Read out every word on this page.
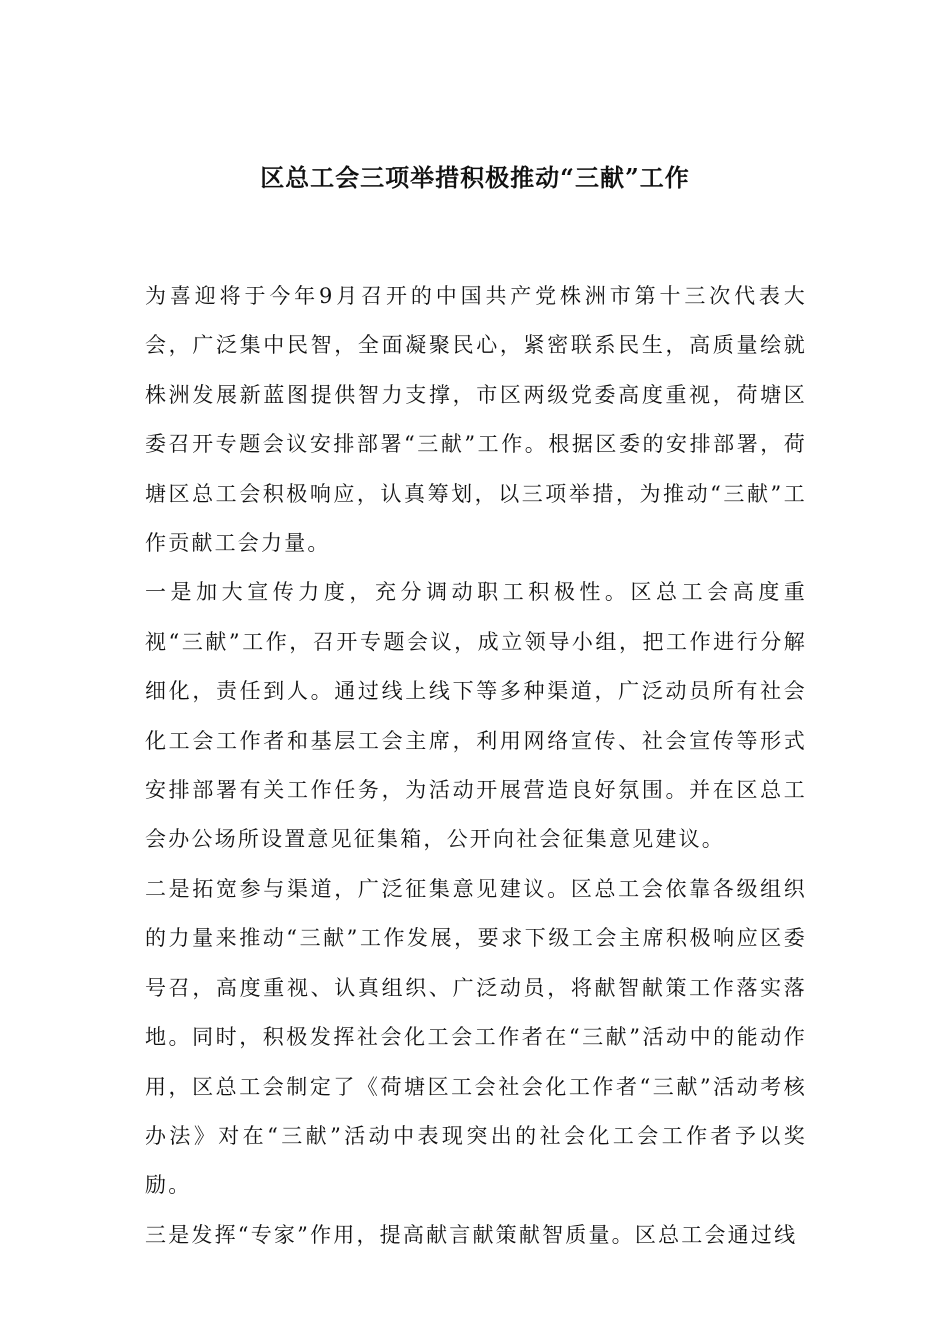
区总工会三项举措积极推动“三献”工作

为喜迎将于今年9月召开的中国共产党株洲市第十三次代表大会，广泛集中民智，全面凝聚民心，紧密联系民生，高质量绘就株洲发展新蓝图提供智力支撑，市区两级党委高度重视，荷塘区委召开专题会议安排部署“三献”工作。根据区委的安排部署，荷塘区总工会积极响应，认真筹划，以三项举措，为推动“三献”工作贡献工会力量。

一是加大宣传力度，充分调动职工积极性。区总工会高度重视“三献”工作，召开专题会议，成立领导小组，把工作进行分解细化，责任到人。通过线上线下等多种渠道，广泛动员所有社会化工会工作者和基层工会主席，利用网络宣传、社会宣传等形式安排部署有关工作任务，为活动开展营造良好氛围。并在区总工会办公场所设置意见征集箱，公开向社会征集意见建议。

二是拓宽参与渠道，广泛征集意见建议。区总工会依靠各级组织的力量来推动“三献”工作发展，要求下级工会主席积极响应区委号召，高度重视、认真组织、广泛动员，将献智献策工作落实落地。同时，积极发挥社会化工会工作者在“三献”活动中的能动作用，区总工会制定了《荷塘区工会社会化工作者“三献”活动考核办法》对在“三献”活动中表现突出的社会化工会工作者予以奖励。

三是发挥“专家”作用，提高献言献策献智质量。区总工会通过线
